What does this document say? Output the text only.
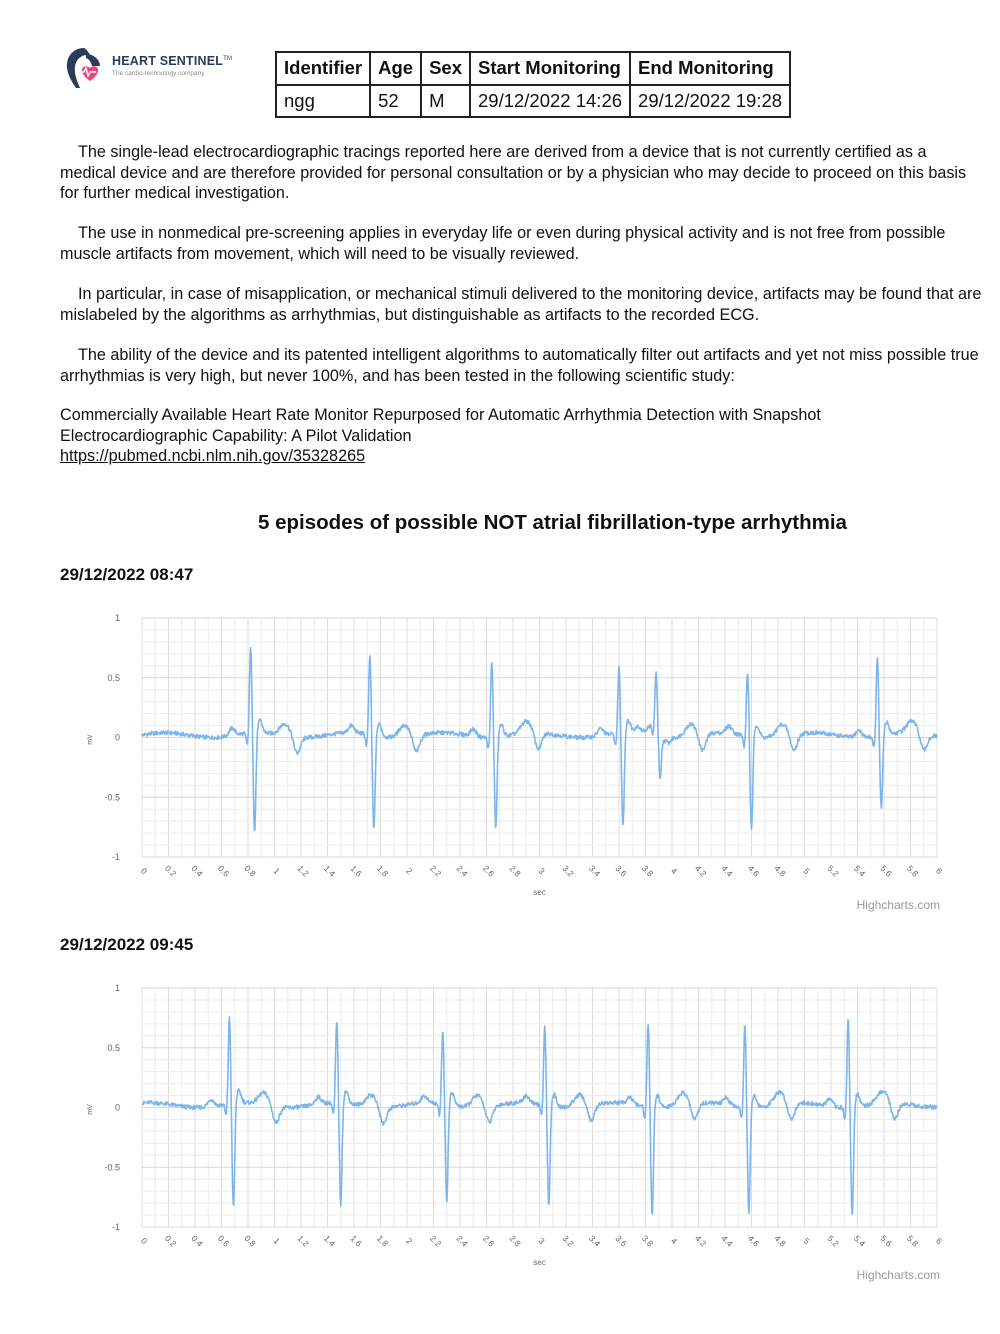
HEART SENTINEL™
The cardio-technology company	Identifier	Age	Sex	Start Monitoring	End Monitoring
ngg	52	M	29/12/2022 14:26	29/12/2022 19:28

The single-lead electrocardiographic tracings reported here are derived from a device that is not currently certified as a medical device and are therefore provided for personal consultation or by a physician who may decide to proceed on this basis for further medical investigation.

The use in nonmedical pre-screening applies in everyday life or even during physical activity and is not free from possible muscle artifacts from movement, which will need to be visually reviewed.

In particular, in case of misapplication, or mechanical stimuli delivered to the monitoring device, artifacts may be found that are mislabeled by the algorithms as arrhythmias, but distinguishable as artifacts to the recorded ECG.

The ability of the device and its patented intelligent algorithms to automatically filter out artifacts and yet not miss possible true arrhythmias is very high, but never 100%, and has been tested in the following scientific study:

Commercially Available Heart Rate Monitor Repurposed for Automatic Arrhythmia Detection with Snapshot Electrocardiographic Capability: A Pilot Validation
https://pubmed.ncbi.nlm.nih.gov/35328265
5 episodes of possible NOT atrial fibrillation-type arrhythmia
29/12/2022 08:47
1
0.5
0
-0.5
-1
mV
0 0.2 0.4 0.6 0.8 1 1.2 1.4 1.6 1.8 2 2.2 2.4 2.6 2.8 3 3.2 3.4 3.6 3.8 4 4.2 4.4 4.6 4.8 5 5.2 5.4 5.6 5.8 6
sec
Highcharts.com
29/12/2022 09:45
1
0.5
0
-0.5
-1
mV
0 0.2 0.4 0.6 0.8 1 1.2 1.4 1.6 1.8 2 2.2 2.4 2.6 2.8 3 3.2 3.4 3.6 3.8 4 4.2 4.4 4.6 4.8 5 5.2 5.4 5.6 5.8 6
sec
Highcharts.com
